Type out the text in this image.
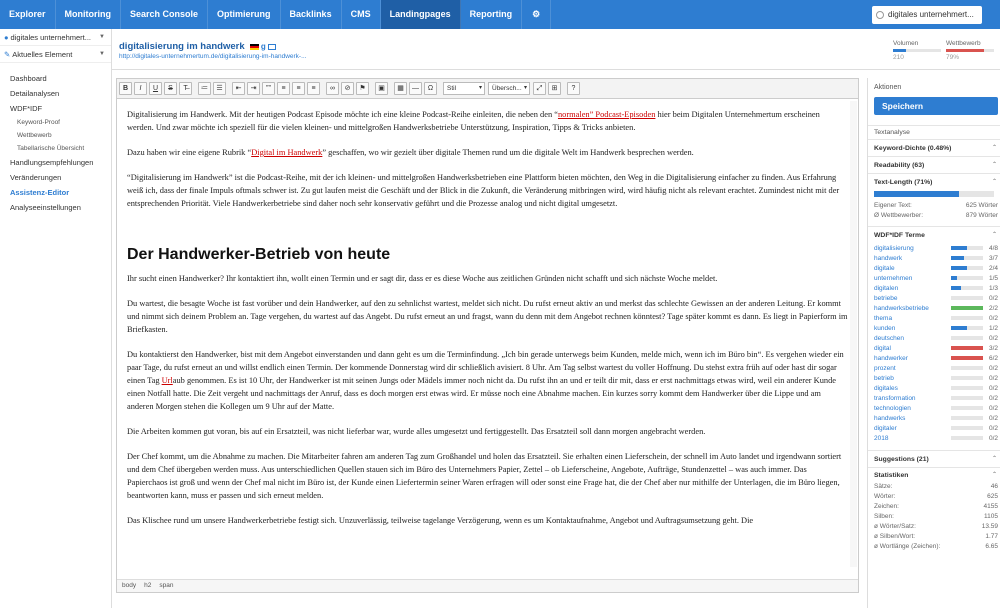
Explorer	Monitoring	Search Console	Optimierung	Backlinks	CMS	Landingpages	Reporting	⚙	digitales unternehmert...
● digitales unternehmert... ▼
✎ Aktuelles Element	▼
Dashboard
Detailanalysen
WDF*IDF
Keyword-Proof
Wettbewerb
Tabellarische Übersicht
Handlungsempfehlungen
Veränderungen
Assistenz-Editor
Analyseeinstellungen
digitalisierung im handwerk g
http://digitales-unternehmertum.de/digitalisierung-im-handwerk-...
Volumen
210
Wettbewerb
79%
B	I	U	S	T̶	≔	☰	⇤	⇥	””	≡	≡	≡	∞	⊘	⚑	▣	▦	—	Ω	Stil ▾	Übersch... ▾	⤢	⊞	?

Digitalisierung im Handwerk. Mit der heutigen Podcast Episode möchte ich eine kleine Podcast-Reihe einleiten, die neben den “normalen” Podcast-Episoden hier beim Digitalen Unternehmertum erscheinen werden. Und zwar möchte ich speziell für die vielen kleinen- und mittelgroßen Handwerksbetriebe Unterstützung, Inspiration, Tipps & Tricks anbieten.

Dazu haben wir eine eigene Rubrik “Digital im Handwerk” geschaffen, wo wir gezielt über digitale Themen rund um die digitale Welt im Handwerk besprechen werden.

“Digitalisierung im Handwerk” ist die Podcast-Reihe, mit der ich kleinen- und mittelgroßen Handwerksbetrieben eine Plattform bieten möchten, den Weg in die Digitalisierung einfacher zu finden. Aus Erfahrung weiß ich, dass der finale Impuls oftmals schwer ist. Zu gut laufen meist die Geschäft und der Blick in die Zukunft, die Veränderung mitbringen wird, wird häufig nicht als relevant erachtet. Zumindest nicht mit der entsprechenden Priorität. Viele Handwerkerbetriebe sind daher noch sehr konservativ geführt und die Prozesse analog und nicht digital umgesetzt.

Der Handwerker-Betrieb von heute

Ihr sucht einen Handwerker? Ihr kontaktiert ihn, wollt einen Termin und er sagt dir, dass er es diese Woche aus zeitlichen Gründen nicht schafft und sich nächste Woche meldet.

Du wartest, die besagte Woche ist fast vorüber und dein Handwerker, auf den zu sehnlichst wartest, meldet sich nicht. Du rufst erneut aktiv an und merkst das schlechte Gewissen an der anderen Leitung. Er kommt und nimmt sich deinem Problem an. Tage vergehen, du wartest auf das Angebt. Du rufst erneut an und fragst, wann du denn mit dem Angebot rechnen könntest? Tage später kommt es dann. Es liegt in Papierform im Briefkasten.

Du kontaktierst den Handwerker, bist mit dem Angebot einverstanden und dann geht es um die Terminfindung. „Ich bin gerade unterwegs beim Kunden, melde mich, wenn ich im Büro bin“. Es vergehen wieder ein paar Tage, du rufst erneut an und willst endlich einen Termin. Der kommende Donnerstag wird dir schließlich avisiert. 8 Uhr. Am Tag selbst wartest du voller Hoffnung. Du stehst extra früh auf oder hast dir sogar einen Tag Urlaub genommen. Es ist 10 Uhr, der Handwerker ist mit seinen Jungs oder Mädels immer noch nicht da. Du rufst ihn an und er teilt dir mit, dass er erst nachmittags etwas wird, weil ein anderer Kunde einen Notfall hatte. Die Zeit vergeht und nachmittags der Anruf, dass es doch morgen erst etwas wird. Er müsse noch eine Abnahme machen. Ein kurzes sorry kommt dem Handwerker über die Lippe und am anderen Morgen stehen die Kollegen um 9 Uhr auf der Matte.

Die Arbeiten kommen gut voran, bis auf ein Ersatzteil, was nicht lieferbar war, wurde alles umgesetzt und fertiggestellt. Das Ersatzteil soll dann morgen angebracht werden.

Der Chef kommt, um die Abnahme zu machen. Die Mitarbeiter fahren am anderen Tag zum Großhandel und holen das Ersatzteil. Sie erhalten einen Lieferschein, der schnell im Auto landet und irgendwann sortiert und dem Chef übergeben werden muss. Aus unterschiedlichen Quellen stauen sich im Büro des Unternehmers Papier, Zettel – ob Lieferscheine, Angebote, Aufträge, Stundenzettel – was auch immer. Das Papierchaos ist groß und wenn der Chef mal nicht im Büro ist, der Kunde einen Liefertermin seiner Waren erfragen will oder sonst eine Frage hat, die der Chef aber nur mithilfe der Unterlagen, die im Büro liegen, beantworten kann, muss er passen und sich erneut melden.

Das Klischee rund um unsere Handwerkerbetriebe festigt sich. Unzuverlässig, teilweise tagelange Verzögerung, wenn es um Kontaktaufnahme, Angebot und Auftragsumsetzung geht. Die

body h2 span
Aktionen
Speichern
Textanalyse
Keyword-Dichte (0.48%)	⌃
Readability (63)	⌃
Text-Length (71%)	⌃
Eigener Text:	625 Wörter
Ø Wettbewerber:	879 Wörter
WDF*IDF Terme	⌃
digitalisierung	4/8
handwerk	3/7
digitale	2/4
unternehmen	1/5
digitalen	1/3
betriebe	0/2
handwerksbetriebe	2/2
thema	0/2
kunden	1/2
deutschen	0/2
digital	3/2
handwerker	6/2
prozent	0/2
betrieb	0/2
digitales	0/2
transformation	0/2
technologien	0/2
handwerks	0/2
digitaler	0/2
2018	0/2
Suggestions (21)	⌃
Statistiken	⌃
Sätze:	46
Wörter:	625
Zeichen:	4155
Silben:	1105
ø Wörter/Satz:	13.59
ø Silben/Wort:	1.77
ø Wortlänge (Zeichen):	6.65
